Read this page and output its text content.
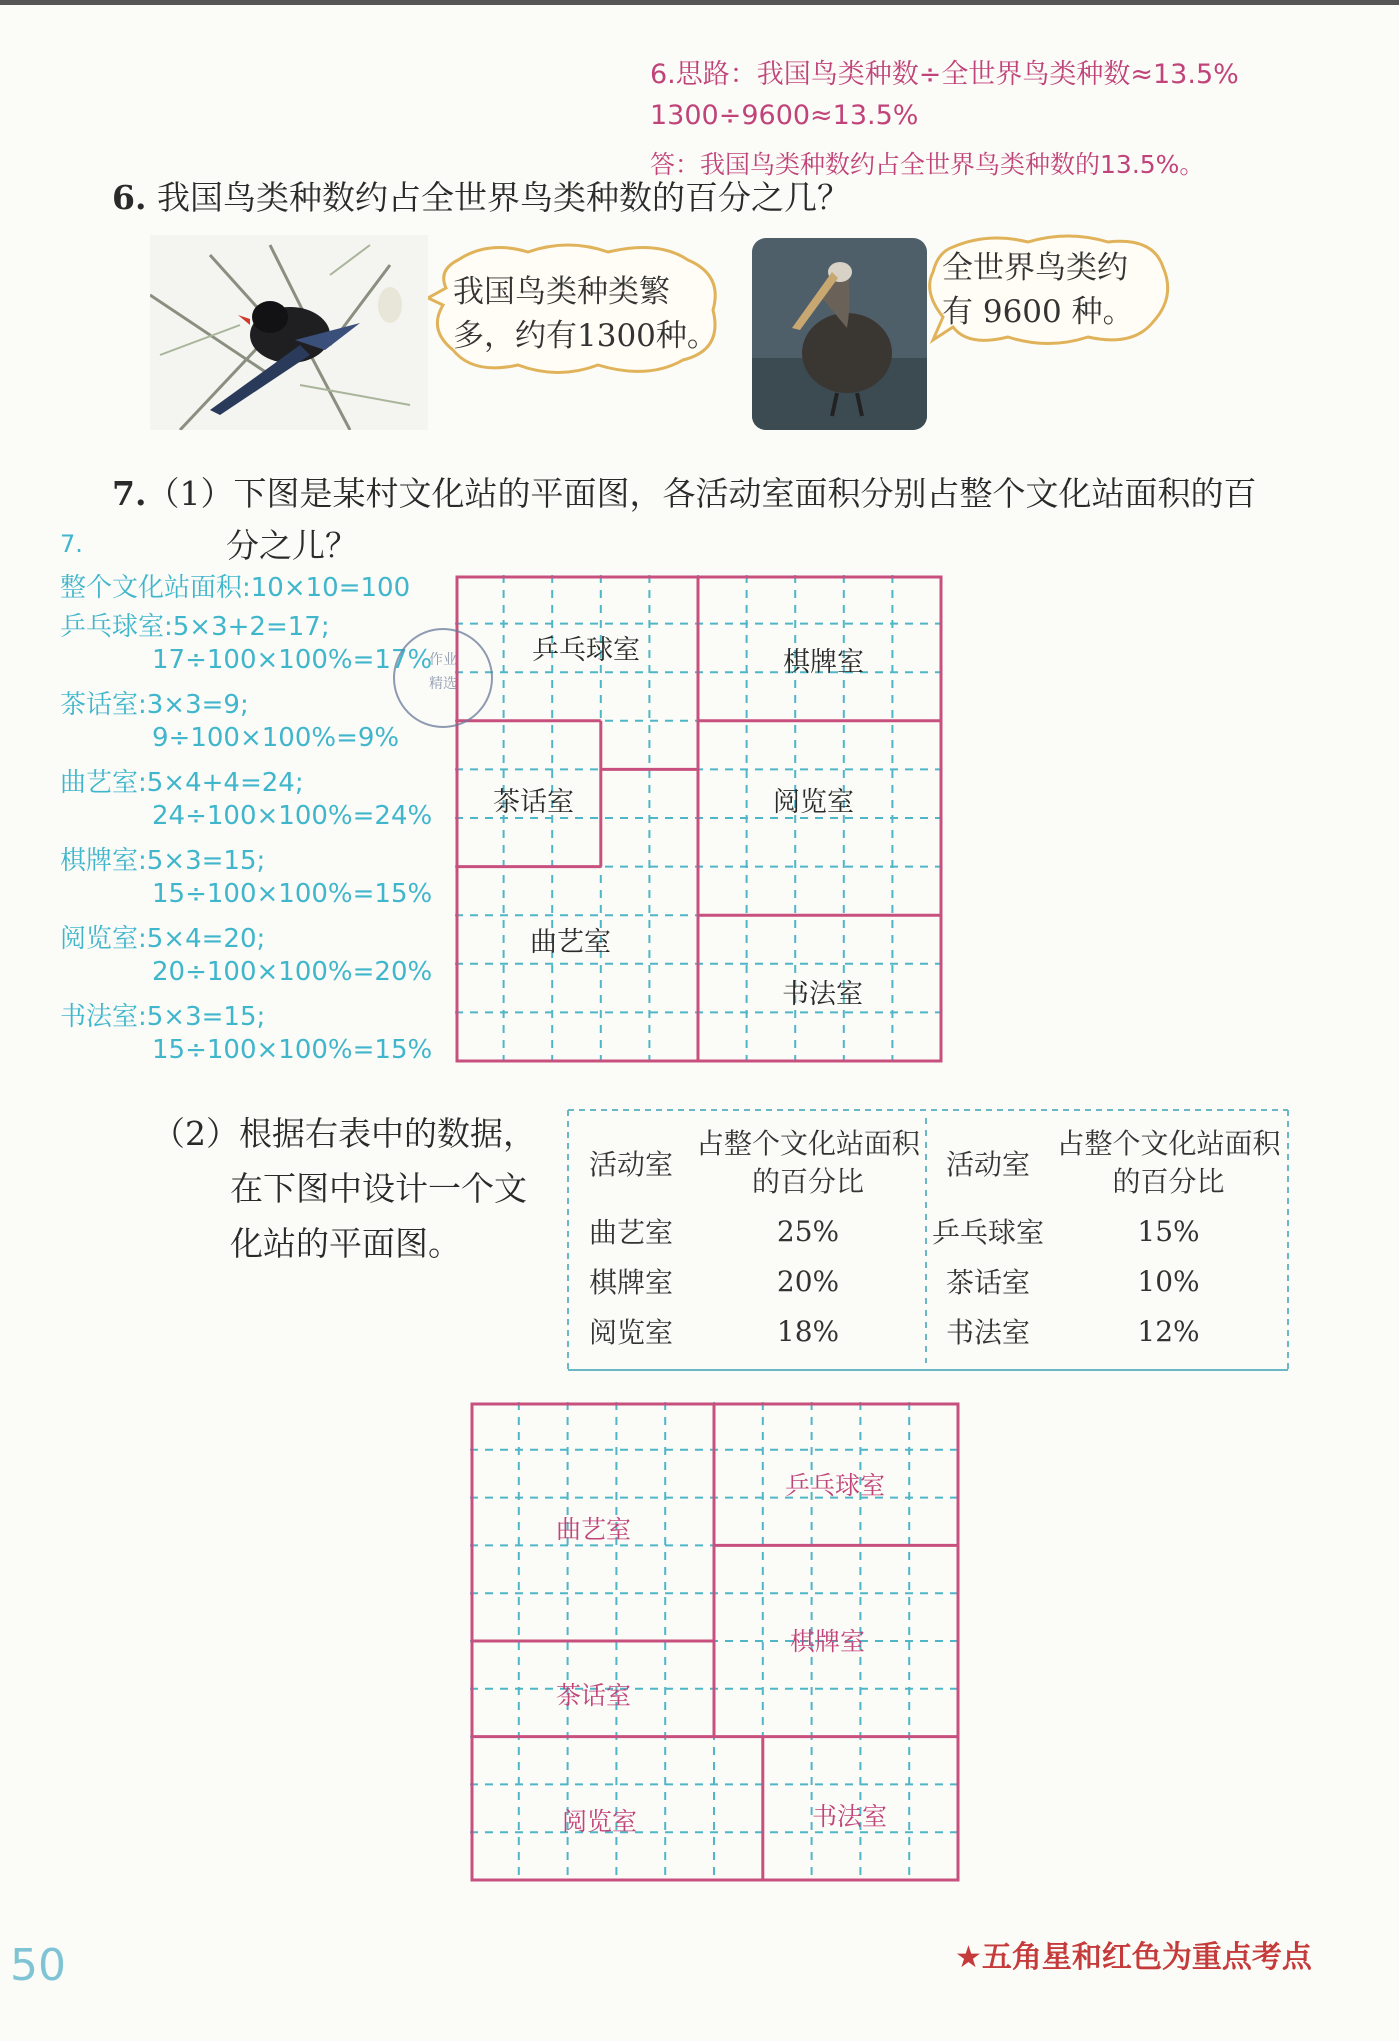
6.思路：我国鸟类种数÷全世界鸟类种数≈13.5%
1300÷9600≈13.5%
答：我国鸟类种数约占全世界鸟类种数的13.5%。
6. 我国鸟类种数约占全世界鸟类种数的百分之几？
我国鸟类种类繁
多，约有1300种。
全世界鸟类约
有 9600 种。
7.（1）下图是某村文化站的平面图，各活动室面积分别占整个文化站面积的百
分之儿？
7.
整个文化站面积:10×10=100
乒乓球室:5×3+2=17;
17÷100×100%=17%
茶话室:3×3=9;
9÷100×100%=9%
曲艺室:5×4+4=24;
24÷100×100%=24%
棋牌室:5×3=15;
15÷100×100%=15%
阅览室:5×4=20;
20÷100×100%=20%
书法室:5×3=15;
15÷100×100%=15%
乒乓球室	棋牌室
茶话室	阅览室
曲艺室
书法室
作业
精选
（2）根据右表中的数据，
在下图中设计一个文
化站的平面图。
活动室	占整个文化站面积的百分比	活动室	占整个文化站面积的百分比
曲艺室	25%	乒乓球室	15%
棋牌室	20%	茶话室	10%
阅览室	18%	书法室	12%
曲艺室
乒乓球室
棋牌室
茶话室
阅览室	书法室
50	★五角星和红色为重点考点
